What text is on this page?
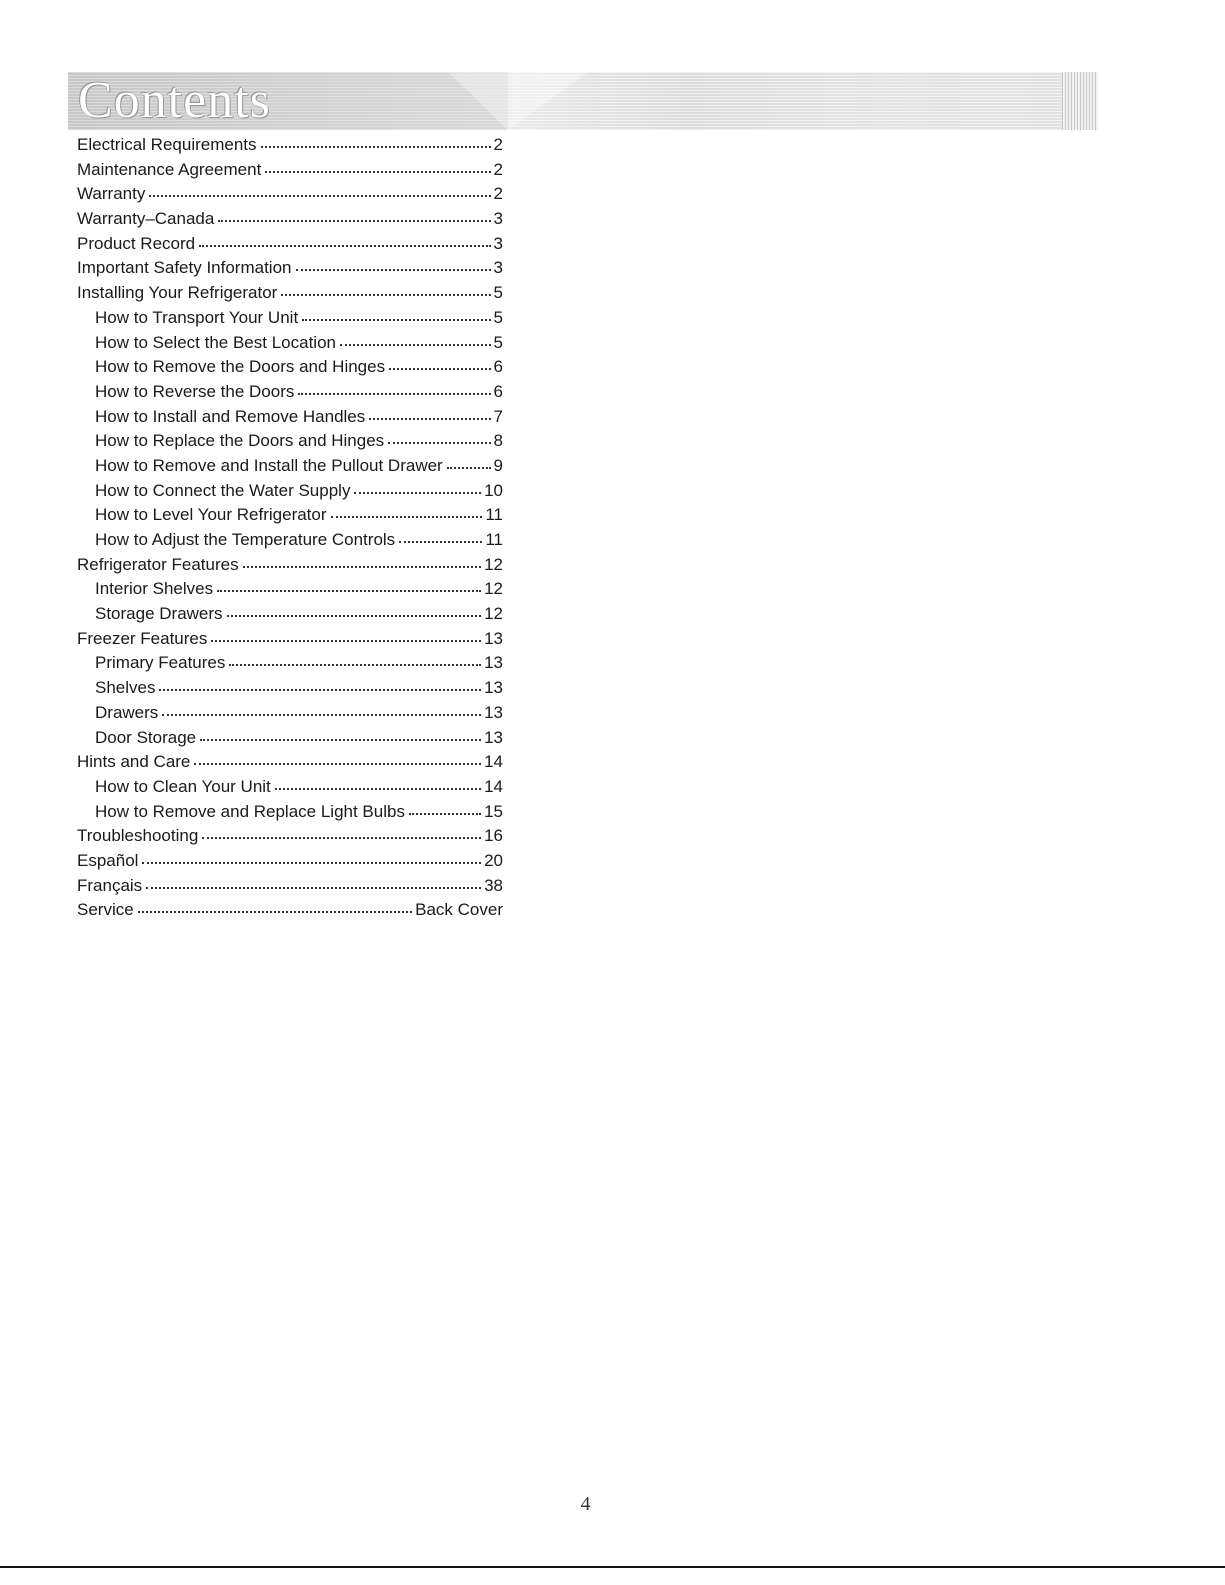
Contents
Electrical Requirements	2
Maintenance Agreement	2
Warranty	2
Warranty–Canada	3
Product Record	3
Important Safety Information	3
Installing Your Refrigerator	5
How to Transport Your Unit	5
How to Select the Best Location	5
How to Remove the Doors and Hinges	6
How to Reverse the Doors	6
How to Install and Remove Handles	7
How to Replace the Doors and Hinges	8
How to Remove and Install the Pullout Drawer	9
How to Connect the Water Supply	10
How to Level Your Refrigerator	11
How to Adjust the Temperature Controls	11
Refrigerator Features	12
Interior Shelves	12
Storage Drawers	12
Freezer Features	13
Primary Features	13
Shelves	13
Drawers	13
Door Storage	13
Hints and Care	14
How to Clean Your Unit	14
How to Remove and Replace Light Bulbs	15
Troubleshooting	16
Español	20
Français	38
Service	Back Cover
4
